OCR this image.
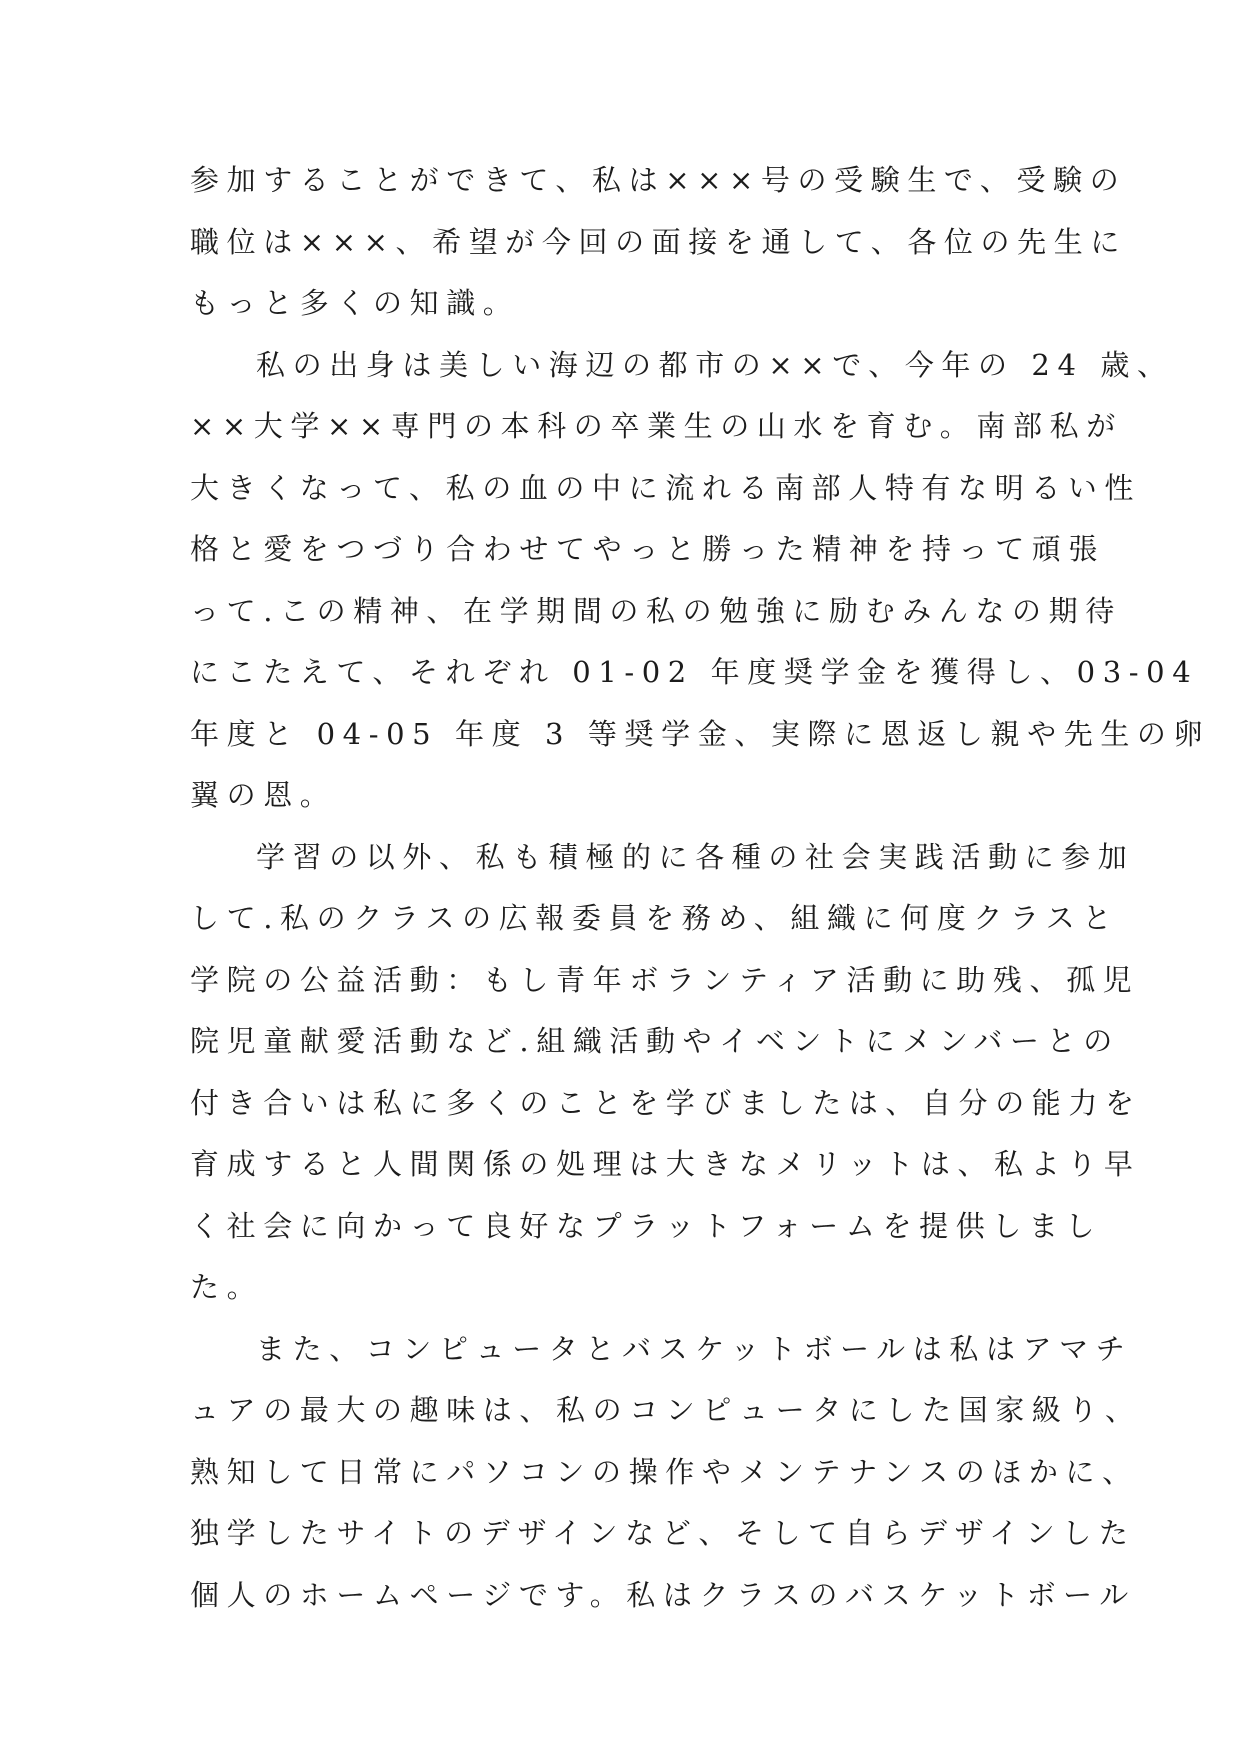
参加することができて、私は×××号の受験生で、受験の
職位は×××、希望が今回の面接を通して、各位の先生に
もっと多くの知識。
私の出身は美しい海辺の都市の××で、今年の 24 歳、
××大学××専門の本科の卒業生の山水を育む。南部私が
大きくなって、私の血の中に流れる南部人特有な明るい性
格と愛をつづり合わせてやっと勝った精神を持って頑張
って.この精神、在学期間の私の勉強に励むみんなの期待
にこたえて、それぞれ 01-02 年度奨学金を獲得し、03-04
年度と 04-05 年度 3 等奨学金、実際に恩返し親や先生の卵
翼の恩。
学習の以外、私も積極的に各種の社会実践活動に参加
して.私のクラスの広報委員を務め、組織に何度クラスと
学院の公益活動：もし青年ボランティア活動に助残、孤児
院児童献愛活動など.組織活動やイベントにメンバーとの
付き合いは私に多くのことを学びましたは、自分の能力を
育成すると人間関係の処理は大きなメリットは、私より早
く社会に向かって良好なプラットフォームを提供しまし
た。
また、コンピュータとバスケットボールは私はアマチ
ュアの最大の趣味は、私のコンピュータにした国家級り、
熟知して日常にパソコンの操作やメンテナンスのほかに、
独学したサイトのデザインなど、そして自らデザインした
個人のホームページです。私はクラスのバスケットボール
